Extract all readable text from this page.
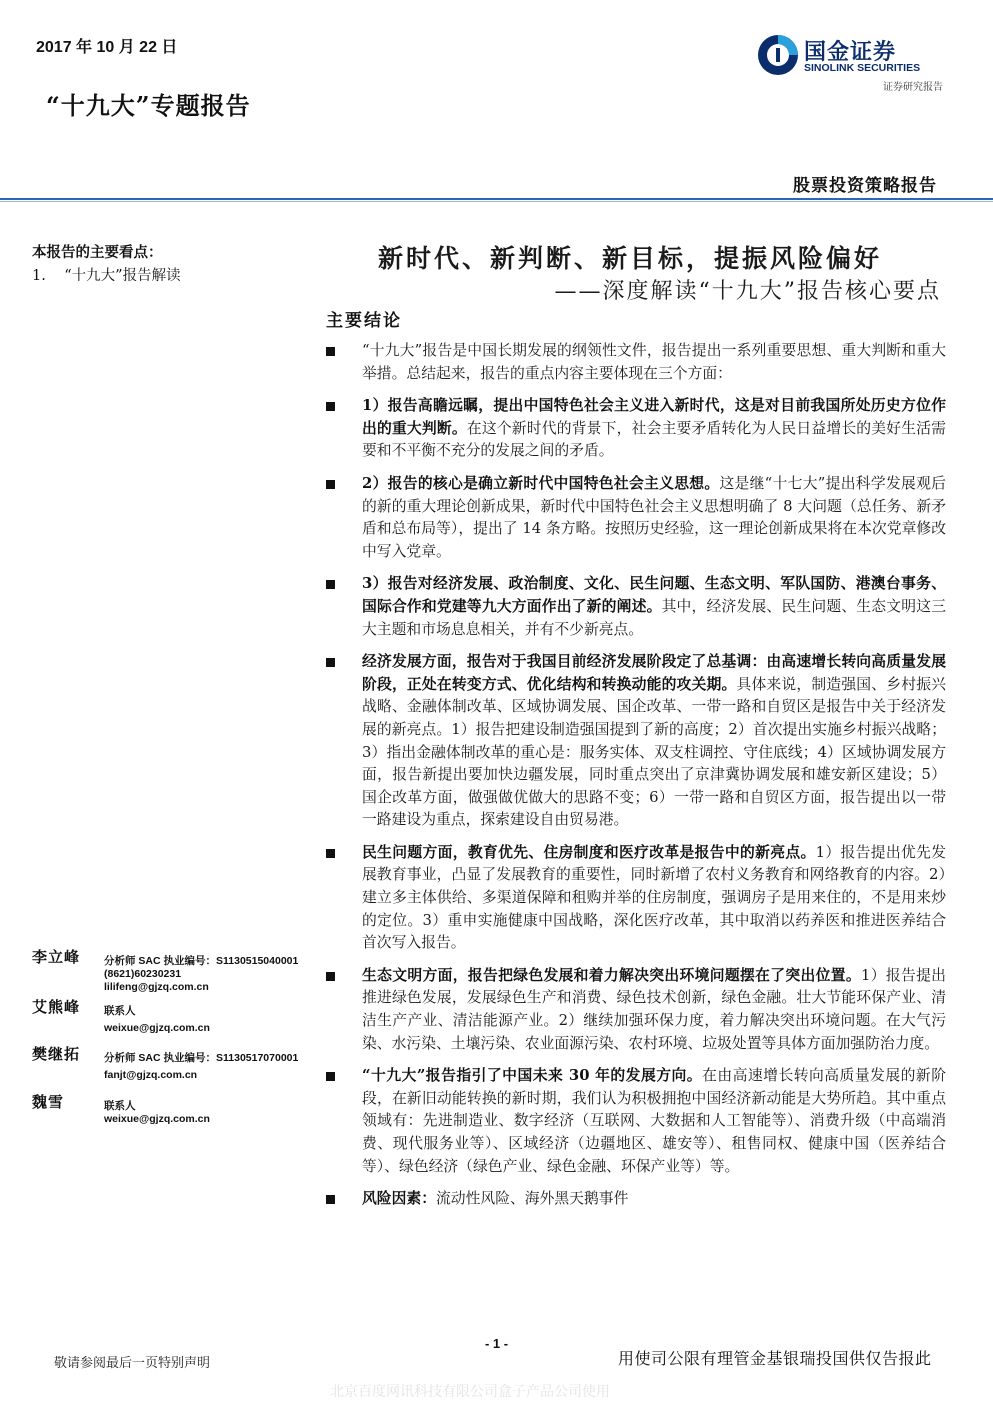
2017 年 10 月 22 日
“十九大”专题报告
国金证券
SINOLINK SECURITIES
证券研究报告
股票投资策略报告
本报告的主要看点：
1.    “十九大”报告解读
新时代、新判断、新目标，提振风险偏好
——深度解读“十九大”报告核心要点
主要结论
“十九大”报告是中国长期发展的纲领性文件，报告提出一系列重要思想、重大判断和重大举措。总结起来，报告的重点内容主要体现在三个方面：
1）报告高瞻远瞩，提出中国特色社会主义进入新时代，这是对目前我国所处历史方位作出的重大判断。在这个新时代的背景下，社会主要矛盾转化为人民日益增长的美好生活需要和不平衡不充分的发展之间的矛盾。
2）报告的核心是确立新时代中国特色社会主义思想。这是继“十七大”提出科学发展观后的新的重大理论创新成果，新时代中国特色社会主义思想明确了 8 大问题（总任务、新矛盾和总布局等），提出了 14 条方略。按照历史经验，这一理论创新成果将在本次党章修改中写入党章。
3）报告对经济发展、政治制度、文化、民生问题、生态文明、军队国防、港澳台事务、国际合作和党建等九大方面作出了新的阐述。其中，经济发展、民生问题、生态文明这三大主题和市场息息相关，并有不少新亮点。
经济发展方面，报告对于我国目前经济发展阶段定了总基调：由高速增长转向高质量发展阶段，正处在转变方式、优化结构和转换动能的攻关期。具体来说，制造强国、乡村振兴战略、金融体制改革、区域协调发展、国企改革、一带一路和自贸区是报告中关于经济发展的新亮点。1）报告把建设制造强国提到了新的高度；2）首次提出实施乡村振兴战略；3）指出金融体制改革的重心是：服务实体、双支柱调控、守住底线；4）区域协调发展方面，报告新提出要加快边疆发展，同时重点突出了京津冀协调发展和雄安新区建设；5）国企改革方面，做强做优做大的思路不变；6）一带一路和自贸区方面，报告提出以一带一路建设为重点，探索建设自由贸易港。
民生问题方面，教育优先、住房制度和医疗改革是报告中的新亮点。1）报告提出优先发展教育事业，凸显了发展教育的重要性，同时新增了农村义务教育和网络教育的内容。2）建立多主体供给、多渠道保障和租购并举的住房制度，强调房子是用来住的，不是用来炒的定位。3）重申实施健康中国战略，深化医疗改革，其中取消以药养医和推进医养结合首次写入报告。
生态文明方面，报告把绿色发展和着力解决突出环境问题摆在了突出位置。1）报告提出推进绿色发展，发展绿色生产和消费、绿色技术创新，绿色金融。壮大节能环保产业、清洁生产产业、清洁能源产业。2）继续加强环保力度，着力解决突出环境问题。在大气污染、水污染、土壤污染、农业面源污染、农村环境、垃圾处置等具体方面加强防治力度。
“十九大”报告指引了中国未来 30 年的发展方向。在由高速增长转向高质量发展的新阶段，在新旧动能转换的新时期，我们认为积极拥抱中国经济新动能是大势所趋。其中重点领域有：先进制造业、数字经济（互联网、大数据和人工智能等）、消费升级（中高端消费、现代服务业等）、区域经济（边疆地区、雄安等）、租售同权、健康中国（医养结合等）、绿色经济（绿色产业、绿色金融、环保产业等）等。
风险因素：流动性风险、海外黑天鹅事件
李立峰 分析师 SAC 执业编号：S1130515040001
(8621)60230231
lilifeng@gjzq.com.cn
艾熊峰 联系人
weixue@gjzq.com.cn
樊继拓 分析师 SAC 执业编号：S1130517070001
fanjt@gjzq.com.cn
魏雪	联系人
weixue@gjzq.com.cn
- 1 -
敬请参阅最后一页特别声明	用使司公限有理管金基银瑞投国供仅告报此
北京百度网讯科技有限公司盒子产品公司使用
